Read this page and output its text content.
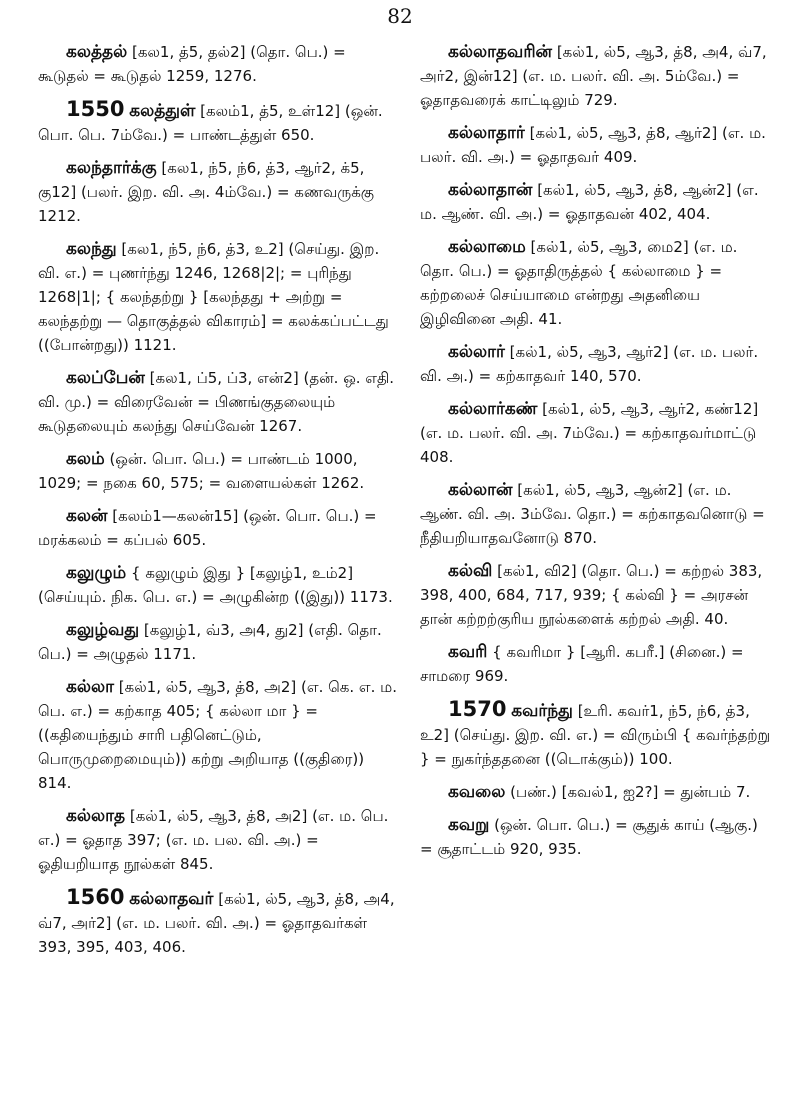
82
கலத்தல் [கல1, த்5, தல்2] (தொ. பெ.) = கூடுதல் = கூடுதல் 1259, 1276.
1550 கலத்துள் [கலம்1, த்5, உள்12] (ஒன். பொ. பெ. 7ம்வே.) = பாண்டத்துள் 650.
கலந்தார்க்கு [கல1, ந்5, ந்6, த்3, ஆர்2, க்5, கு12] (பலர். இற. வி. அ. 4ம்வே.) = கணவருக்கு 1212.
கலந்து [கல1, ந்5, ந்6, த்3, உ2] (செய்து. இற. வி. எ.) = புணர்ந்து 1246, 1268|2|; = புரிந்து 1268|1|; { கலந்தற்று } [கலந்தது + அற்று = கலந்தற்று — தொகுத்தல் விகாரம்] = கலக்கப்பட்டது ((போன்றது)) 1121.
கலப்பேன் [கல1, ப்5, ப்3, என்2] (தன். ஒ. எதி. வி. மு.) = விரைவேன் = பிணங்குதலையும் கூடுதலையும் கலந்து செய்வேன் 1267.
கலம் (ஒன். பொ. பெ.) = பாண்டம் 1000, 1029; = நகை 60, 575; = வளையல்கள் 1262.
கலன் [கலம்1—கலன்15] (ஒன். பொ. பெ.) = மரக்கலம் = கப்பல் 605.
கலுழும் { கலுழும் இது } [கலுழ்1, உம்2] (செய்யும். நிக. பெ. எ.) = அழுகின்ற ((இது)) 1173.
கலுழ்வது [கலுழ்1, வ்3, அ4, து2] (எதி. தொ. பெ.) = அழுதல் 1171.
கல்லா [கல்1, ல்5, ஆ3, த்8, அ2] (எ. கெ. எ. ம. பெ. எ.) = கற்காத 405; { கல்லா மா } = ((கதியைந்தும் சாரி பதினெட்டும், பொருமுறைமையும்)) கற்று அறியாத ((குதிரை)) 814.
கல்லாத [கல்1, ல்5, ஆ3, த்8, அ2] (எ. ம. பெ. எ.) = ஓதாத 397; (எ. ம. பல. வி. அ.) = ஓதியறியாத நூல்கள் 845.
1560 கல்லாதவர் [கல்1, ல்5, ஆ3, த்8, அ4, வ்7, அர்2] (எ. ம. பலர். வி. அ.) = ஓதாதவர்கள் 393, 395, 403, 406.
கல்லாதவரின் [கல்1, ல்5, ஆ3, த்8, அ4, வ்7, அர்2, இன்12] (எ. ம. பலர். வி. அ. 5ம்வே.) = ஓதாதவரைக் காட்டிலும் 729.
கல்லாதார் [கல்1, ல்5, ஆ3, த்8, ஆர்2] (எ. ம. பலர். வி. அ.) = ஓதாதவர் 409.
கல்லாதான் [கல்1, ல்5, ஆ3, த்8, ஆன்2] (எ. ம. ஆண். வி. அ.) = ஓதாதவன் 402, 404.
கல்லாமை [கல்1, ல்5, ஆ3, மை2] (எ. ம. தொ. பெ.) = ஓதாதிருத்தல் { கல்லாமை } = கற்றலைச் செய்யாமை என்றது அதனியை இழிவினை அதி. 41.
கல்லார் [கல்1, ல்5, ஆ3, ஆர்2] (எ. ம. பலர். வி. அ.) = கற்காதவர் 140, 570.
கல்லார்கண் [கல்1, ல்5, ஆ3, ஆர்2, கண்12] (எ. ம. பலர். வி. அ. 7ம்வே.) = கற்காதவர்மாட்டு 408.
கல்லான் [கல்1, ல்5, ஆ3, ஆன்2] (எ. ம. ஆண். வி. அ. 3ம்வே. தொ.) = கற்காதவனொடு = நீதியறியாதவனோடு 870.
கல்வி [கல்1, வி2] (தொ. பெ.) = கற்றல் 383, 398, 400, 684, 717, 939; { கல்வி } = அரசன் தான் கற்றற்குரிய நூல்களைக் கற்றல் அதி. 40.
கவரி { கவரிமா } [ஆரி. கபரீ.] (சினை.) = சாமரை 969.
1570 கவர்ந்து [உரி. கவர்1, ந்5, ந்6, த்3, உ2] (செய்து. இற. வி. எ.) = விரும்பி { கவர்ந்தற்று } = நுகர்ந்ததனை ((டொக்கும்)) 100.
கவலை (பண்.) [கவல்1, ஐ2?] = துன்பம் 7.
கவறு (ஒன். பொ. பெ.) = சூதுக் காய் (ஆகு.) = சூதாட்டம் 920, 935.
